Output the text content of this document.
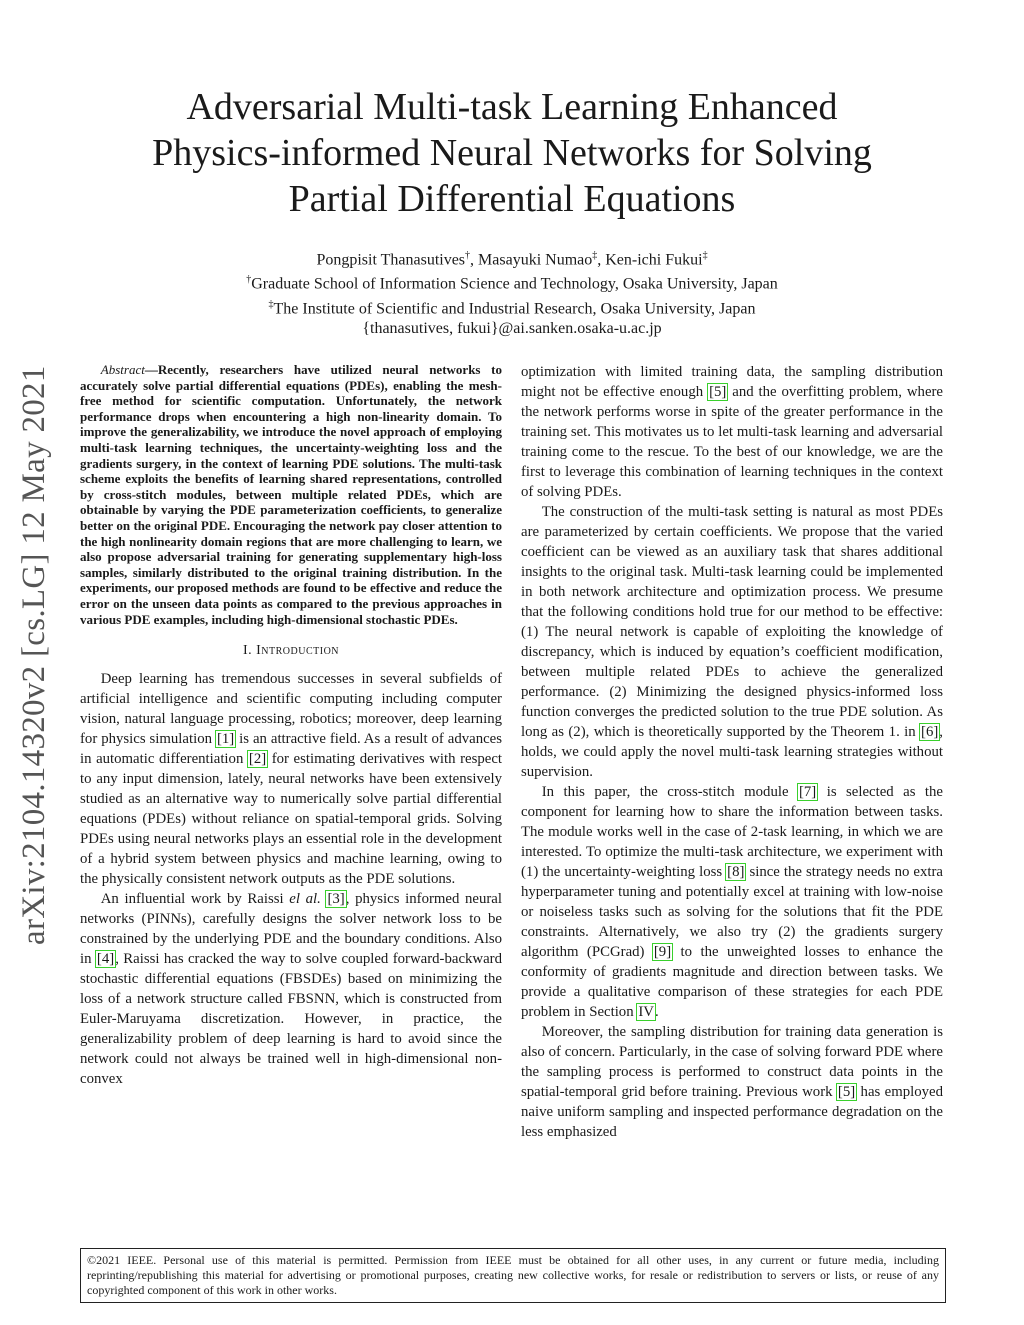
arXiv:2104.14320v2 [cs.LG] 12 May 2021
Adversarial Multi-task Learning Enhanced
Physics-informed Neural Networks for Solving
Partial Differential Equations
Pongpisit Thanasutives†, Masayuki Numao‡, Ken-ichi Fukui‡
†Graduate School of Information Science and Technology, Osaka University, Japan
‡The Institute of Scientific and Industrial Research, Osaka University, Japan
{thanasutives, fukui}@ai.sanken.osaka-u.ac.jp

Abstract—Recently, researchers have utilized neural networks to accurately solve partial differential equations (PDEs), enabling the mesh-free method for scientific computation. Unfortunately, the network performance drops when encountering a high non-linearity domain. To improve the generalizability, we introduce the novel approach of employing multi-task learning techniques, the uncertainty-weighting loss and the gradients surgery, in the context of learning PDE solutions. The multi-task scheme exploits the benefits of learning shared representations, controlled by cross-stitch modules, between multiple related PDEs, which are obtainable by varying the PDE parameterization coefficients, to generalize better on the original PDE. Encouraging the network pay closer attention to the high nonlinearity domain regions that are more challenging to learn, we also propose adversarial training for generating supplementary high-loss samples, similarly distributed to the original training distribution. In the experiments, our proposed methods are found to be effective and reduce the error on the unseen data points as compared to the previous approaches in various PDE examples, including high-dimensional stochastic PDEs.

I. Introduction

Deep learning has tremendous successes in several subfields of artificial intelligence and scientific computing including computer vision, natural language processing, robotics; moreover, deep learning for physics simulation [1] is an attractive field. As a result of advances in automatic differentiation [2] for estimating derivatives with respect to any input dimension, lately, neural networks have been extensively studied as an alternative way to numerically solve partial differential equations (PDEs) without reliance on spatial-temporal grids. Solving PDEs using neural networks plays an essential role in the development of a hybrid system between physics and machine learning, owing to the physically consistent network outputs as the PDE solutions.

An influential work by Raissi el al. [3], physics informed neural networks (PINNs), carefully designs the solver network loss to be constrained by the underlying PDE and the boundary conditions. Also in [4], Raissi has cracked the way to solve coupled forward-backward stochastic differential equations (FBSDEs) based on minimizing the loss of a network structure called FBSNN, which is constructed from Euler-Maruyama discretization. However, in practice, the generalizability problem of deep learning is hard to avoid since the network could not always be trained well in high-dimensional non-convex

optimization with limited training data, the sampling distribution might not be effective enough [5] and the overfitting problem, where the network performs worse in spite of the greater performance in the training set. This motivates us to let multi-task learning and adversarial training come to the rescue. To the best of our knowledge, we are the first to leverage this combination of learning techniques in the context of solving PDEs.

The construction of the multi-task setting is natural as most PDEs are parameterized by certain coefficients. We propose that the varied coefficient can be viewed as an auxiliary task that shares additional insights to the original task. Multi-task learning could be implemented in both network architecture and optimization process. We presume that the following conditions hold true for our method to be effective: (1) The neural network is capable of exploiting the knowledge of discrepancy, which is induced by equation’s coefficient modification, between multiple related PDEs to achieve the generalized performance. (2) Minimizing the designed physics-informed loss function converges the predicted solution to the true PDE solution. As long as (2), which is theoretically supported by the Theorem 1. in [6], holds, we could apply the novel multi-task learning strategies without supervision.

In this paper, the cross-stitch module [7] is selected as the component for learning how to share the information between tasks. The module works well in the case of 2-task learning, in which we are interested. To optimize the multi-task architecture, we experiment with (1) the uncertainty-weighting loss [8] since the strategy needs no extra hyperparameter tuning and potentially excel at training with low-noise or noiseless tasks such as solving for the solutions that fit the PDE constraints. Alternatively, we also try (2) the gradients surgery algorithm (PCGrad) [9] to the unweighted losses to enhance the conformity of gradients magnitude and direction between tasks. We provide a qualitative comparison of these strategies for each PDE problem in Section IV.

Moreover, the sampling distribution for training data generation is also of concern. Particularly, in the case of solving forward PDE where the sampling process is performed to construct data points in the spatial-temporal grid before training. Previous work [5] has employed naive uniform sampling and inspected performance degradation on the less emphasized

©2021 IEEE. Personal use of this material is permitted. Permission from IEEE must be obtained for all other uses, in any current or future media, including reprinting/republishing this material for advertising or promotional purposes, creating new collective works, for resale or redistribution to servers or lists, or reuse of any copyrighted component of this work in other works.
